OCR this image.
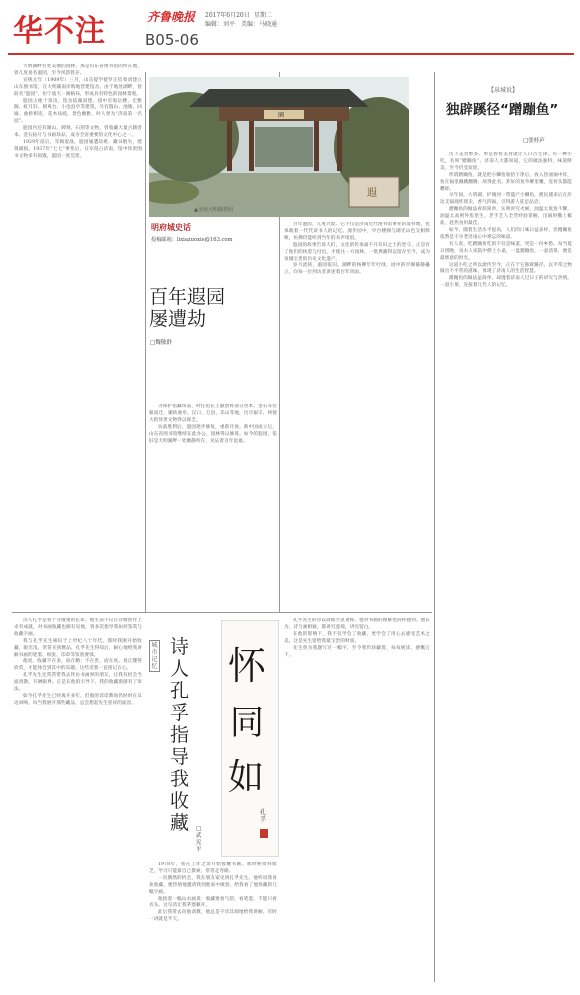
华不注	齐鲁晚报 2017年6月20日 星期二
编辑：刘平 美编：马晓通
B05-06
園
遐
▲济南大明湖老园
明府城史话
投稿邮箱：lixiazuoxie@163.com
百年遐园
屡遭劫
□魏敬群

大明湖畔有处美丽的园林，那是山东省图书馆的所在地，曾几度易名遐园，至今风韵犹存。

宣统元年（1909年）三月，山东提学使罗正钧奏请建立山东图书馆，在大明湖南岸购地营建馆舍。由于地处湖畔，曾取名“遐园”，仿宁波天一阁格局，形成具有特色的园林景观。

遐园占地十余亩，馆舍依湖而建，园中有海岳楼、宏雅阁、虹月轩、朝爽台、小沧浪亭等建筑，另有假山、池塘、回廊、曲桥相连，花木扶疏，景色幽雅，时人誉为“济南第一名园”。

遐园内还有湖山、碑刻、石刻等文物，曾收藏大量古籍善本、金石拓片与书画珍品，成为全省重要的文化中心之一。

1929年前后，军阀混战，遐园屡遭劫难，藏书散失，建筑破损。1937年“七七”事变后，日军侵占济南，馆中珍贵图书文物多有损毁，遐园一度荒废。

为保护馆藏珍品，时任馆长王献唐将部分善本、金石等装箱南迁，辗转曲阜、汉口、万县、乐山等地，历尽艰辛，终使大批珍贵文物得以保全。

抗战胜利后，遐园逐步修复，重新开放。新中国成立后，山东省图书馆继续在此办公，园林得以修葺。如今的遐园，依旧是大明湖畔一处幽静所在，见证着百年沧桑。

百年遐园，几度兴废。它不仅是济南近代图书馆事业的发祥地，也承载着一代代读书人的记忆。漫步园中，亭台楼阁与湖光山色交相辉映，仿佛仍能听到当年的书声琅琅。

遐园的故事告诉人们，文化的传承离不开有识之士的坚守。正是有了他们的执着与付出，才使这一方园林、一批典籍得以留存至今，成为泉城宝贵的历史文化遗产。

岁月流转，遐园依旧。湖畔的杨柳年年吐绿，园中的亭阁静静矗立，向每一位到访者讲述着百年风雨。

【泉城说】
独辟蹊径“蹭蹦鱼”
□张桂庐

历下美食繁多，单是看看美食就让人口舌生津。有一种小吃，名叫“蹭蹦鱼”，济南人大都知道，它的做法独特，味道鲜美，至今仍受欢迎。

所谓蹭蹦鱼，就是把小鲫鱼收拾干净后，放入热油锅中炸，鱼在锅里蹦跳翻腾，故得此名。炸好的鱼外酥里嫩，连骨头都能嚼碎。

早年间，大明湖、护城河一带盛产小鲫鱼，渔民捕来后在岸边支锅现炸现卖，香气四溢，引得游人驻足品尝。

蹭蹦鱼的做法看似简单，实则讲究火候。油温太低鱼不酥，油温太高则外焦里生。老手艺人全凭经验掌握，出锅时撒上椒盐，趁热食用最佳。

如今，随着生活水平提高，人们的口味日益多样，但蹭蹦鱼依然是不少老济南心中难忘的味道。

有人说，吃蹭蹦鱼吃的不仅是味道，更是一份乡愁。每当夏日傍晚，泉水人家院中摆上小桌，一盘蹭蹦鱼，一壶清茶，便是最惬意的时光。

这道小吃之所以流传至今，正在于它独辟蹊径，以平常之物做出不平常的滋味，体现了济南人的生活智慧。

蹭蹦鱼的做法虽简单，却透着济南人过日子的讲究与热情。一道小菜，连接着几代人的记忆。

诗人孔孚是我十分敬重的长辈。他生前不仅在诗歌创作上卓有成就，对书画收藏也颇有见地，曾多次指导我如何鉴赏与收藏字画。

我与孔孚先生相识于上世纪八十年代。那时我刚开始收藏，眼光浅，常常买到赝品。孔孚先生得知后，耐心地给我讲解书画的笔墨、纸张、印章等鉴别要领。

他说，收藏不在多，而在精；不在贵，而在真。真正懂得欣赏，才能体会到其中的乐趣。这些话我一直铭记在心。

孔孚先生还常常带我去拜访书画界的朋友，让我有机会当面请教，开阔眼界。正是在他的引导下，我的收藏渐渐有了章法。

如今孔孚先生已经离开多年，但他的谆谆教诲仍时时在耳边回响。每当我展开那些藏品，总会想起先生慈祥的面容。

城市记忆
诗人孔孚指导我收藏	□武宪平
怀
同
如
孔孚

1978年，我在工作之余开始接触书画。那时候资料匮乏，学习只能靠自己摸索，常常走弯路。

一次偶然的机会，我在朋友家见到孔孚先生。他听说我喜欢收藏，便热情地邀请我到他家中做客，给我看了他珍藏的几幅字画。

他指着一幅山水画说：收藏要看气韵，看笔墨，不能只看名头。这句话让我茅塞顿开。

此后我常去向他请教，他总是不厌其烦地给我讲解，有时一讲就是半天。

孔孚先生的诗以简练空灵著称，他对书画的理解也同样独到。他认为，诗与画相通，都讲究意境，讲究留白。

在他的影响下，我不仅学会了收藏，更学会了用心去感受艺术之美。这是先生留给我最宝贵的财富。

先生曾为我题写过一幅字，至今我仍珍藏着，每每展读，感慨万千。
